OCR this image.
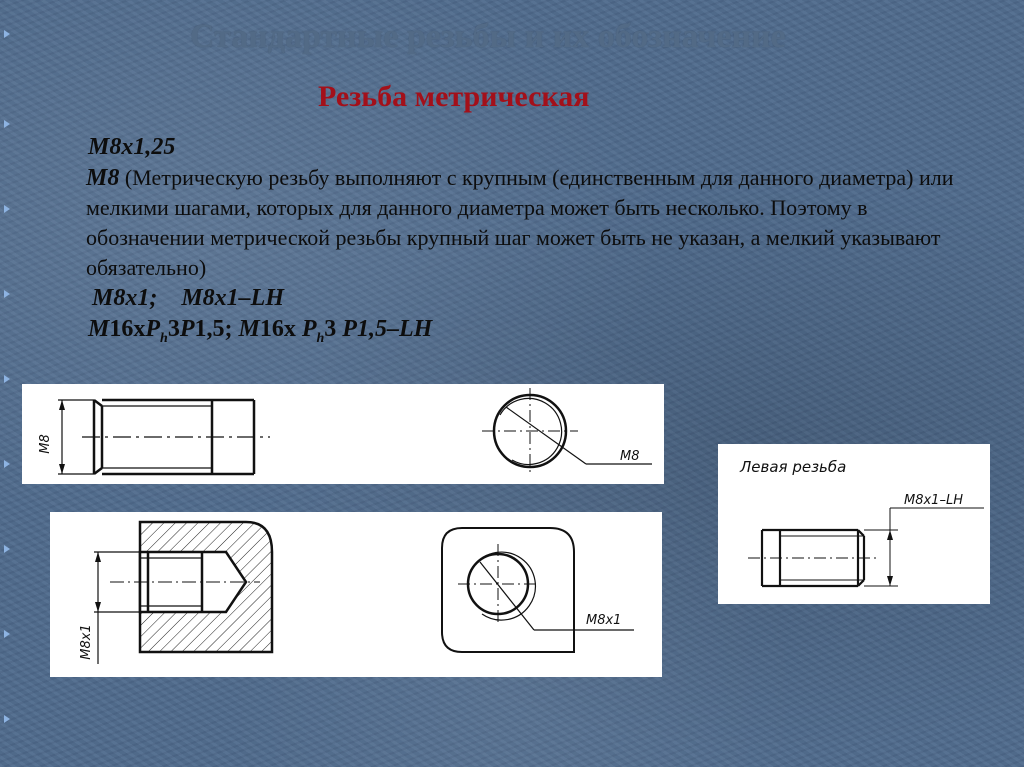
Стандартные резьбы и их обозначение
Резьба метрическая

М8х1,25

М8 (Метрическую резьбу выполняют с крупным (единственным для данного диаметра) или мелкими шагами, которых для данного диаметра может быть несколько. Поэтому в обозначении метрической резьбы крупный шаг может быть не указан, а мелкий указывают обязательно)

М8х1; М8х1–LH

$М16хP_h3P1,5$; М16х $P_h3$ P1,5–LH

М8
М8
М8х1
М8х1
Левая резьба
М8х1–LH
